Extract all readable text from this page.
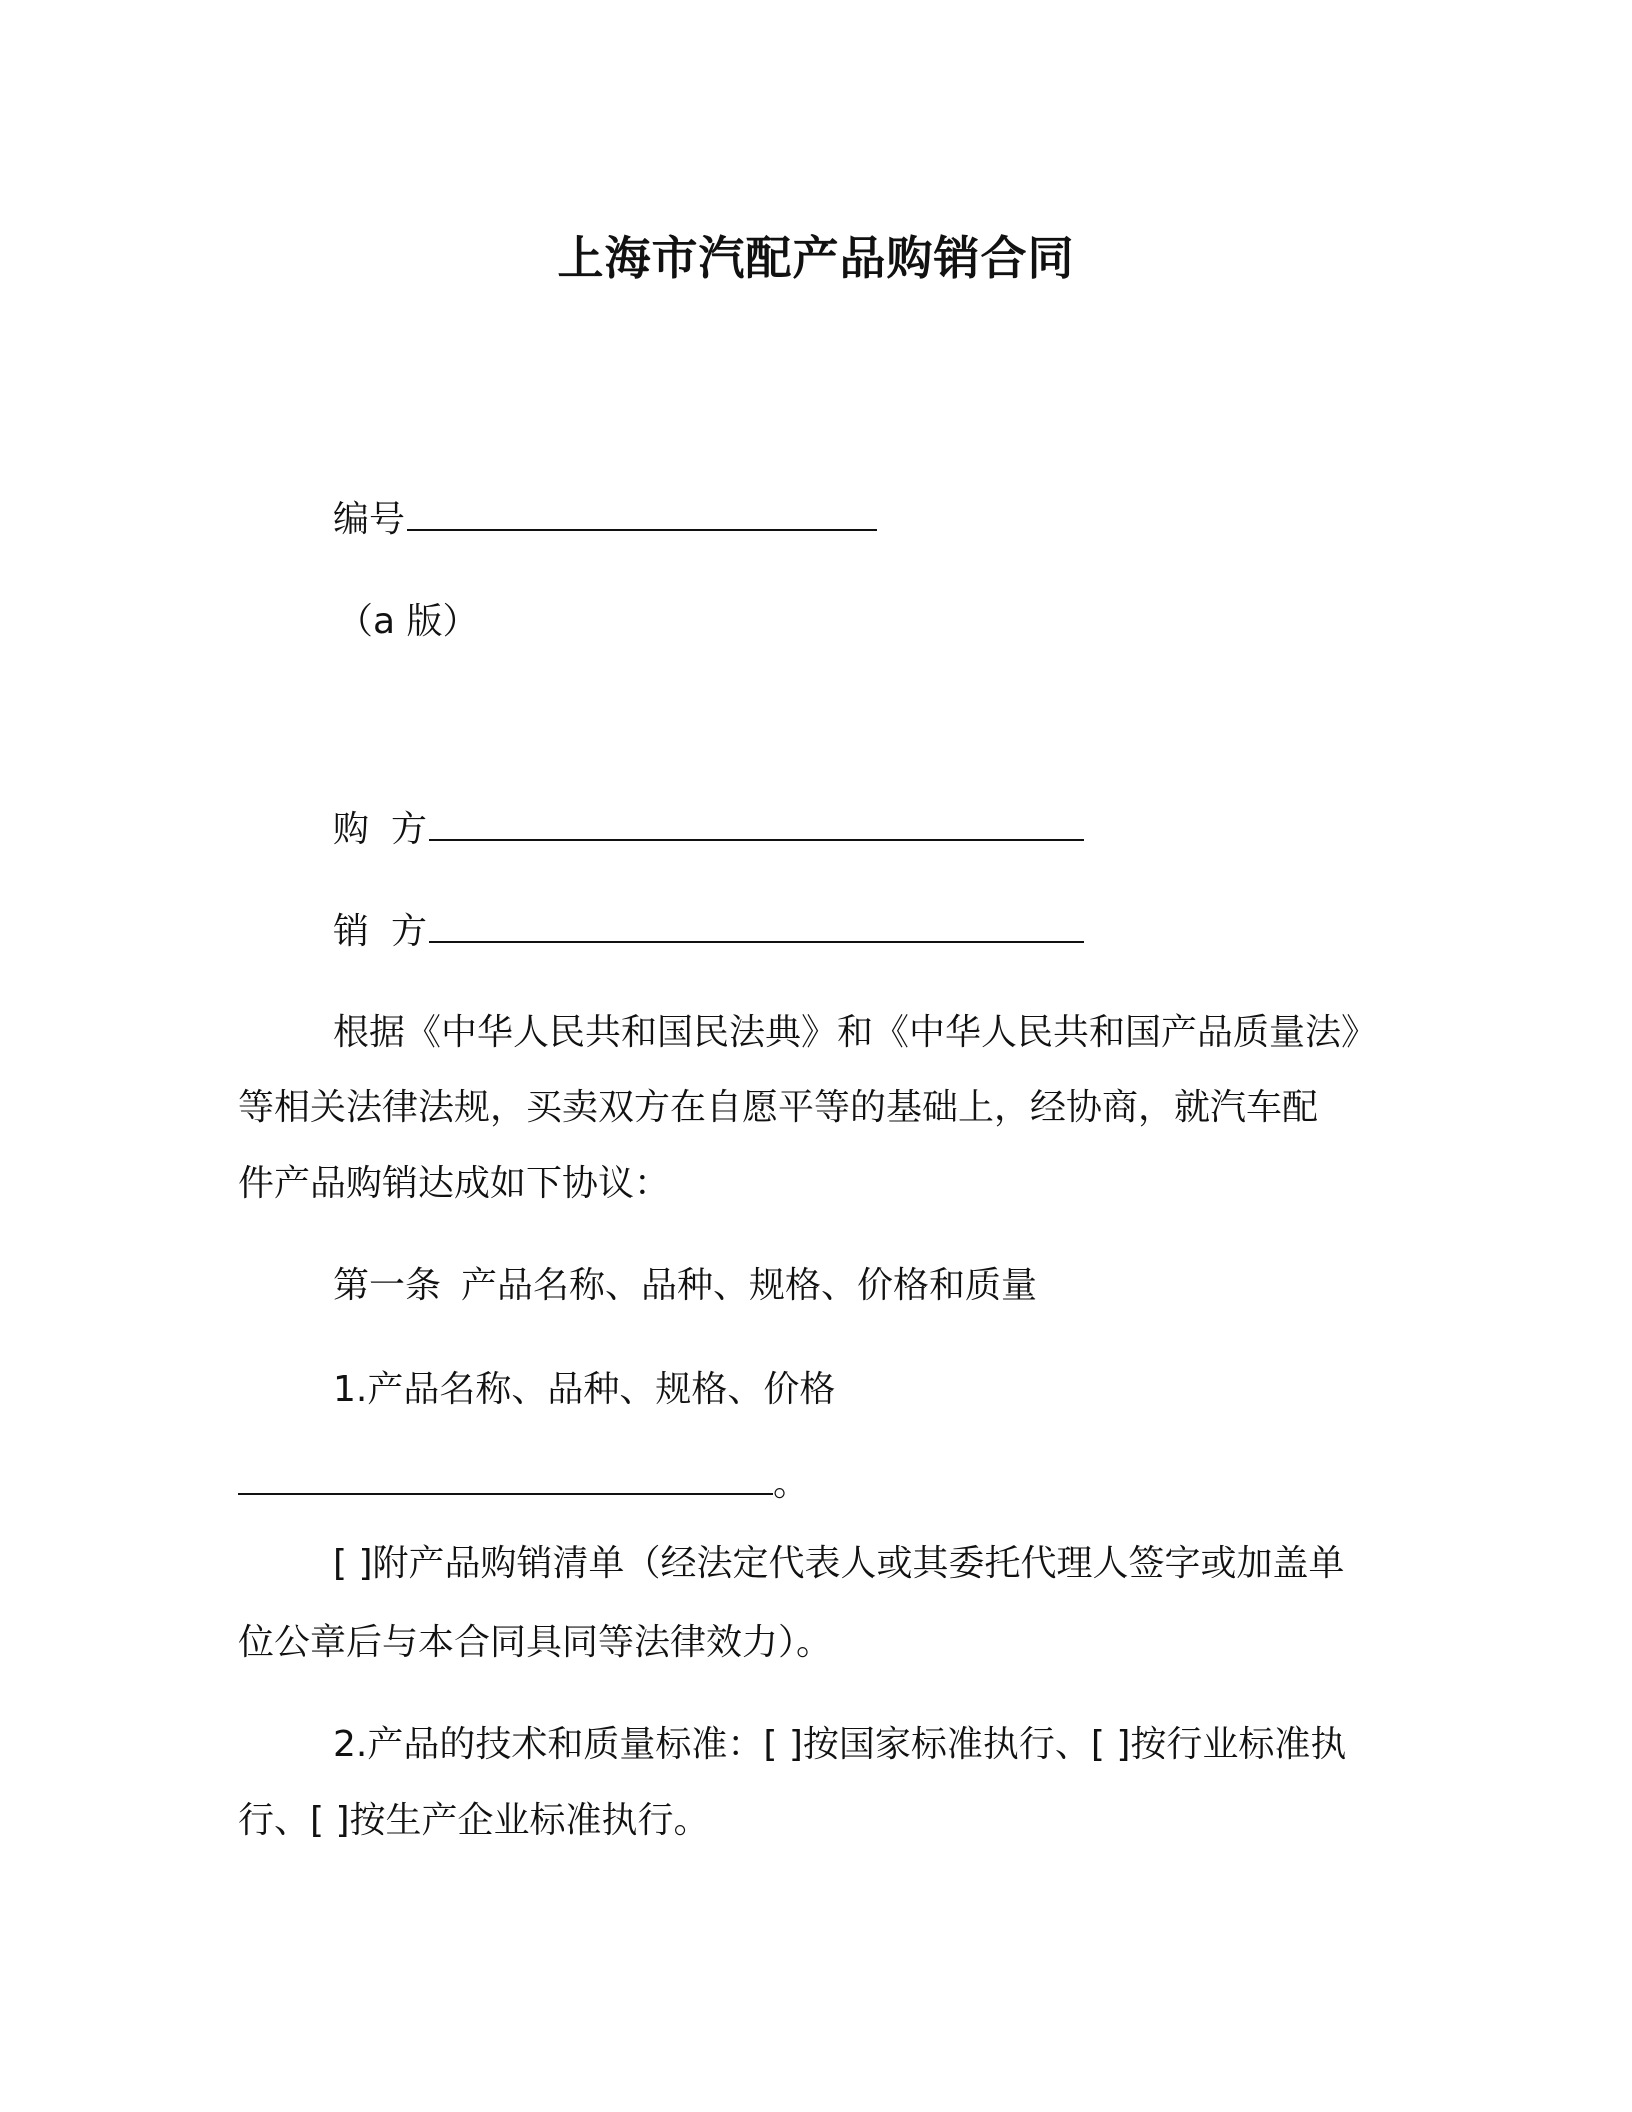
上海市汽配产品购销合同
编号
（a 版）
购 方
销 方
根据《中华人民共和国民法典》和《中华人民共和国产品质量法》
等相关法律法规，买卖双方在自愿平等的基础上，经协商，就汽车配
件产品购销达成如下协议：
第一条 产品名称、品种、规格、价格和质量
1.产品名称、品种、规格、价格
。
[ ]附产品购销清单（经法定代表人或其委托代理人签字或加盖单
位公章后与本合同具同等法律效力）。
2.产品的技术和质量标准：[ ]按国家标准执行、[ ]按行业标准执
行、[ ]按生产企业标准执行。
